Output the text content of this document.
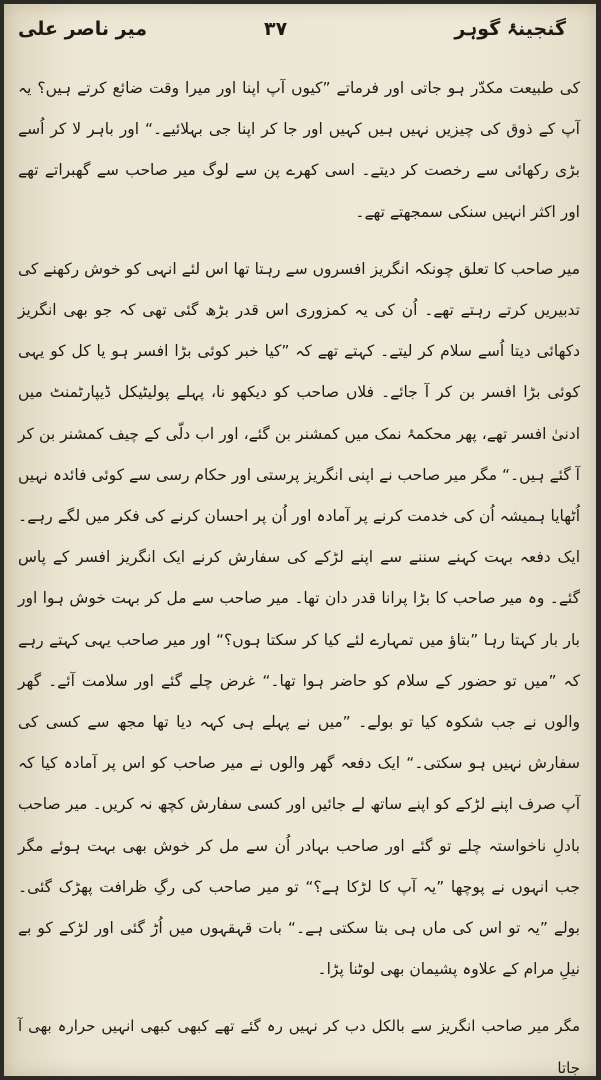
میر ناصر علی	۳۷	گنجینۂ گوہر

کی طبیعت مکدّر ہو جاتی اور فرماتے ”کیوں آپ اپنا اور میرا وقت ضائع کرتے ہیں؟ یہ آپ کے ذوق کی چیزیں نہیں ہیں کہیں اور جا کر اپنا جی بہلائیے۔“ اور باہر لا کر اُسے بڑی رکھائی سے رخصت کر دیتے۔ اسی کھرے پن سے لوگ میر صاحب سے گھبراتے تھے اور اکثر انہیں سنکی سمجھتے تھے۔

میر صاحب کا تعلق چونکہ انگریز افسروں سے رہتا تھا اس لئے انہی کو خوش رکھنے کی تدبیریں کرتے رہتے تھے۔ اُن کی یہ کمزوری اس قدر بڑھ گئی تھی کہ جو بھی انگریز دکھائی دیتا اُسے سلام کر لیتے۔ کہتے تھے کہ ”کیا خبر کوئی بڑا افسر ہو یا کل کو یہی کوئی بڑا افسر بن کر آ جائے۔ فلاں صاحب کو دیکھو نا، پہلے پولیٹیکل ڈیپارٹمنٹ میں ادنیٰ افسر تھے، پھر محکمۂ نمک میں کمشنر بن گئے، اور اب دلّی کے چیف کمشنر بن کر آ گئے ہیں۔“ مگر میر صاحب نے اپنی انگریز پرستی اور حکام رسی سے کوئی فائدہ نہیں اُٹھایا ہمیشہ اُن کی خدمت کرنے پر آمادہ اور اُن پر احسان کرنے کی فکر میں لگے رہے۔ ایک دفعہ بہت کہنے سننے سے اپنے لڑکے کی سفارش کرنے ایک انگریز افسر کے پاس گئے۔ وہ میر صاحب کا بڑا پرانا قدر دان تھا۔ میر صاحب سے مل کر بہت خوش ہوا اور بار بار کہتا رہا ”بتاؤ میں تمہارے لئے کیا کر سکتا ہوں؟“ اور میر صاحب یہی کہتے رہے کہ ”میں تو حضور کے سلام کو حاضر ہوا تھا۔“ غرض چلے گئے اور سلامت آئے۔ گھر والوں نے جب شکوہ کیا تو بولے۔ ”میں نے پہلے ہی کہہ دیا تھا مجھ سے کسی کی سفارش نہیں ہو سکتی۔“ ایک دفعہ گھر والوں نے میر صاحب کو اس پر آمادہ کیا کہ آپ صرف اپنے لڑکے کو اپنے ساتھ لے جائیں اور کسی سفارش کچھ نہ کریں۔ میر صاحب بادلِ ناخواستہ چلے تو گئے اور صاحب بہادر اُن سے مل کر خوش بھی بہت ہوئے مگر جب انہوں نے پوچھا ”یہ آپ کا لڑکا ہے؟“ تو میر صاحب کی رگِ ظرافت پھڑک گئی۔ بولے ”یہ تو اس کی ماں ہی بتا سکتی ہے۔“ بات قہقہوں میں اُڑ گئی اور لڑکے کو بے نیلِ مرام کے علاوہ پشیمان بھی لوٹنا پڑا۔

مگر میر صاحب انگریز سے بالکل دب کر نہیں رہ گئے تھے کبھی کبھی انہیں حرارہ بھی آ جاتا
